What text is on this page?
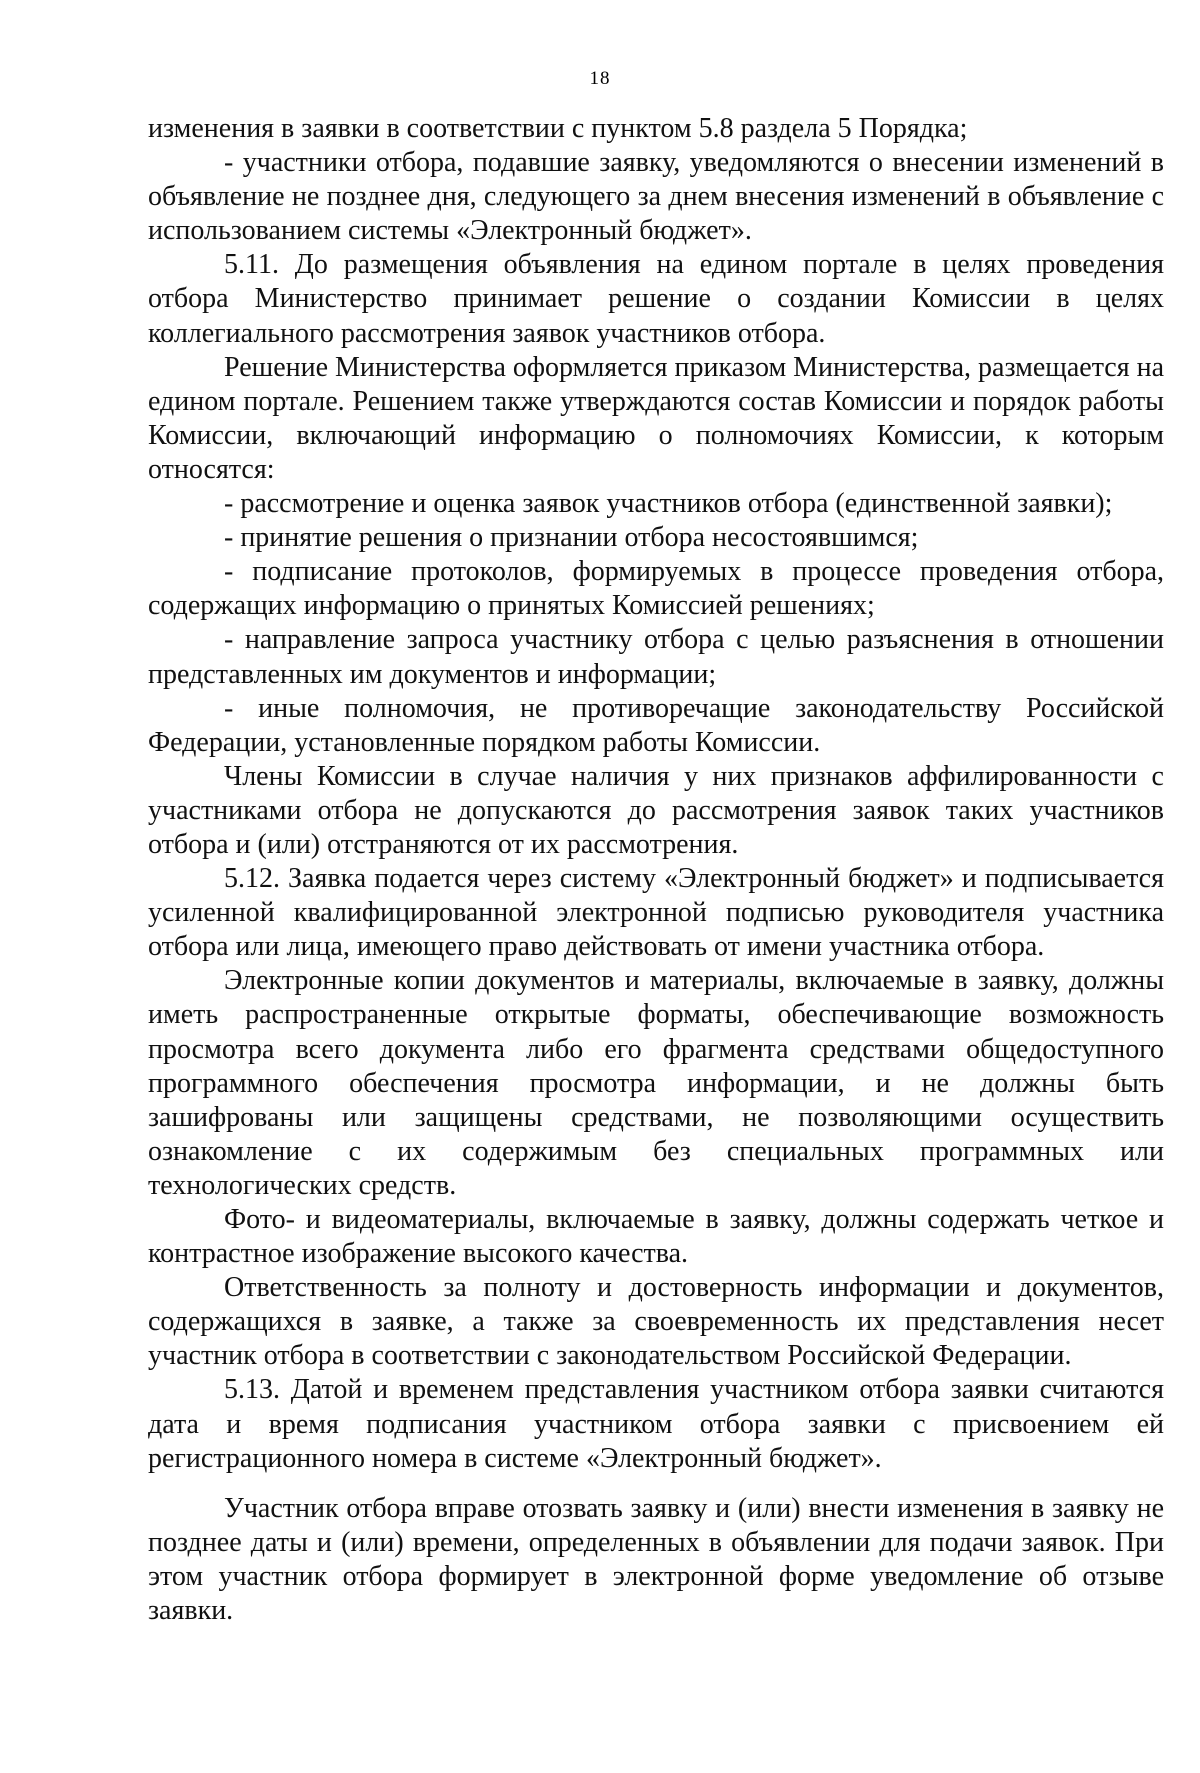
18

изменения в заявки в соответствии с пунктом 5.8 раздела 5 Порядка;

- участники отбора, подавшие заявку, уведомляются о внесении изменений в объявление не позднее дня, следующего за днем внесения изменений в объявление с использованием системы «Электронный бюджет».

5.11. До размещения объявления на едином портале в целях проведения отбора Министерство принимает решение о создании Комиссии в целях коллегиального рассмотрения заявок участников отбора.

Решение Министерства оформляется приказом Министерства, размещается на едином портале. Решением также утверждаются состав Комиссии и порядок работы Комиссии, включающий информацию о полномочиях Комиссии, к которым относятся:

- рассмотрение и оценка заявок участников отбора (единственной заявки);

- принятие решения о признании отбора несостоявшимся;

- подписание протоколов, формируемых в процессе проведения отбора, содержащих информацию о принятых Комиссией решениях;

- направление запроса участнику отбора с целью разъяснения в отношении представленных им документов и информации;

- иные полномочия, не противоречащие законодательству Российской Федерации, установленные порядком работы Комиссии.

Члены Комиссии в случае наличия у них признаков аффилированности с участниками отбора не допускаются до рассмотрения заявок таких участников отбора и (или) отстраняются от их рассмотрения.

5.12. Заявка подается через систему «Электронный бюджет» и подписывается усиленной квалифицированной электронной подписью руководителя участника отбора или лица, имеющего право действовать от имени участника отбора.

Электронные копии документов и материалы, включаемые в заявку, должны иметь распространенные открытые форматы, обеспечивающие возможность просмотра всего документа либо его фрагмента средствами общедоступного программного обеспечения просмотра информации, и не должны быть зашифрованы или защищены средствами, не позволяющими осуществить ознакомление с их содержимым без специальных программных или технологических средств.

Фото- и видеоматериалы, включаемые в заявку, должны содержать четкое и контрастное изображение высокого качества.

Ответственность за полноту и достоверность информации и документов, содержащихся в заявке, а также за своевременность их представления несет участник отбора в соответствии с законодательством Российской Федерации.

5.13. Датой и временем представления участником отбора заявки считаются дата и время подписания участником отбора заявки с присвоением ей регистрационного номера в системе «Электронный бюджет».

Участник отбора вправе отозвать заявку и (или) внести изменения в заявку не позднее даты и (или) времени, определенных в объявлении для подачи заявок. При этом участник отбора формирует в электронной форме уведомление об отзыве заявки.
